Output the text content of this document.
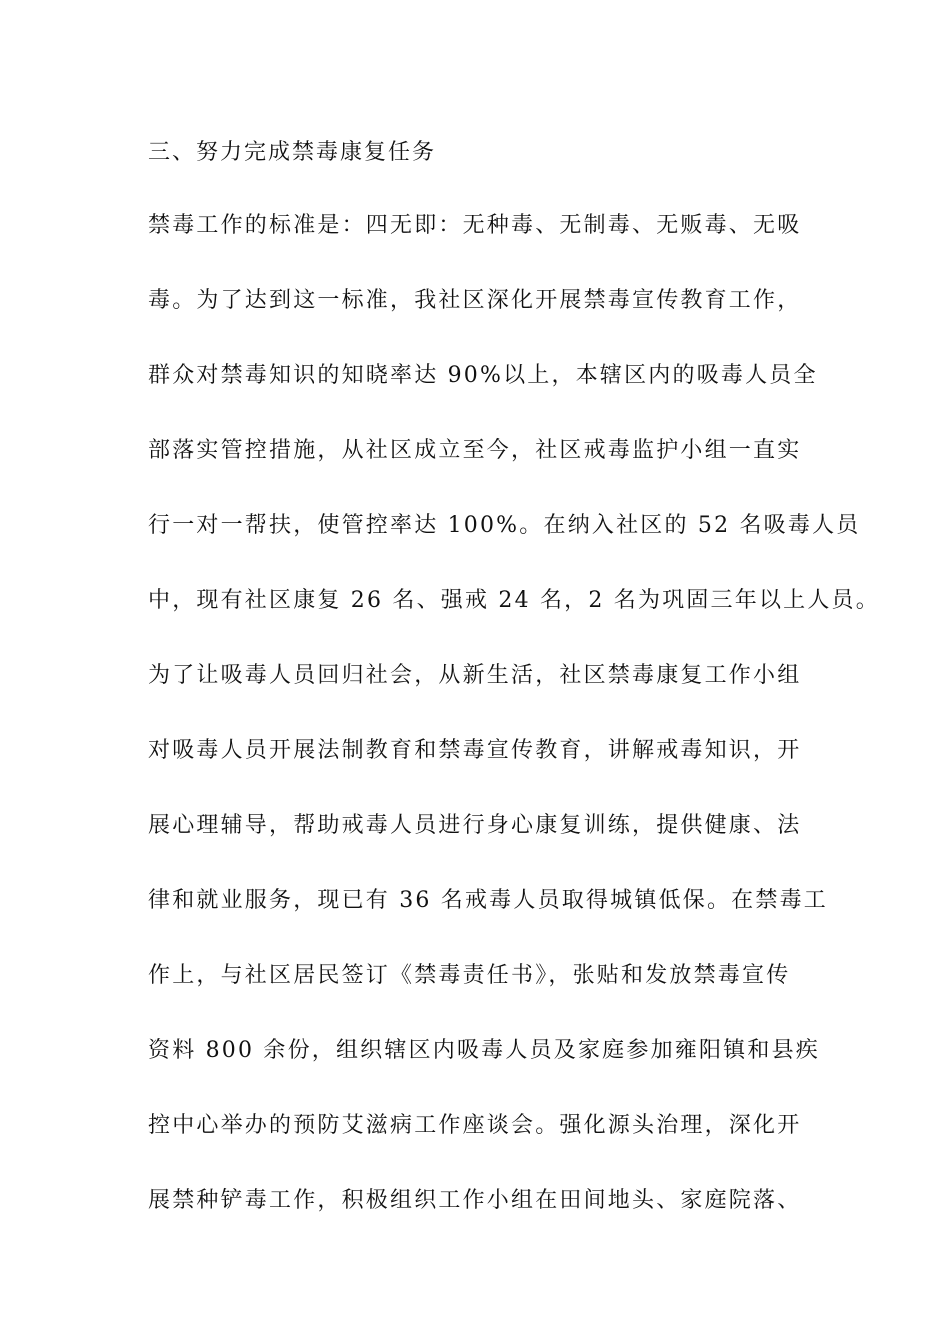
三、努力完成禁毒康复任务
禁毒工作的标准是：四无即：无种毒、无制毒、无贩毒、无吸
毒。为了达到这一标准，我社区深化开展禁毒宣传教育工作，
群众对禁毒知识的知晓率达 90%以上，本辖区内的吸毒人员全
部落实管控措施，从社区成立至今，社区戒毒监护小组一直实
行一对一帮扶，使管控率达 100%。在纳入社区的 52 名吸毒人员
中，现有社区康复 26 名、强戒 24 名，2 名为巩固三年以上人员。
为了让吸毒人员回归社会，从新生活，社区禁毒康复工作小组
对吸毒人员开展法制教育和禁毒宣传教育，讲解戒毒知识，开
展心理辅导，帮助戒毒人员进行身心康复训练，提供健康、法
律和就业服务，现已有 36 名戒毒人员取得城镇低保。在禁毒工
作上，与社区居民签订《禁毒责任书》，张贴和发放禁毒宣传
资料 800 余份，组织辖区内吸毒人员及家庭参加雍阳镇和县疾
控中心举办的预防艾滋病工作座谈会。强化源头治理，深化开
展禁种铲毒工作，积极组织工作小组在田间地头、家庭院落、
